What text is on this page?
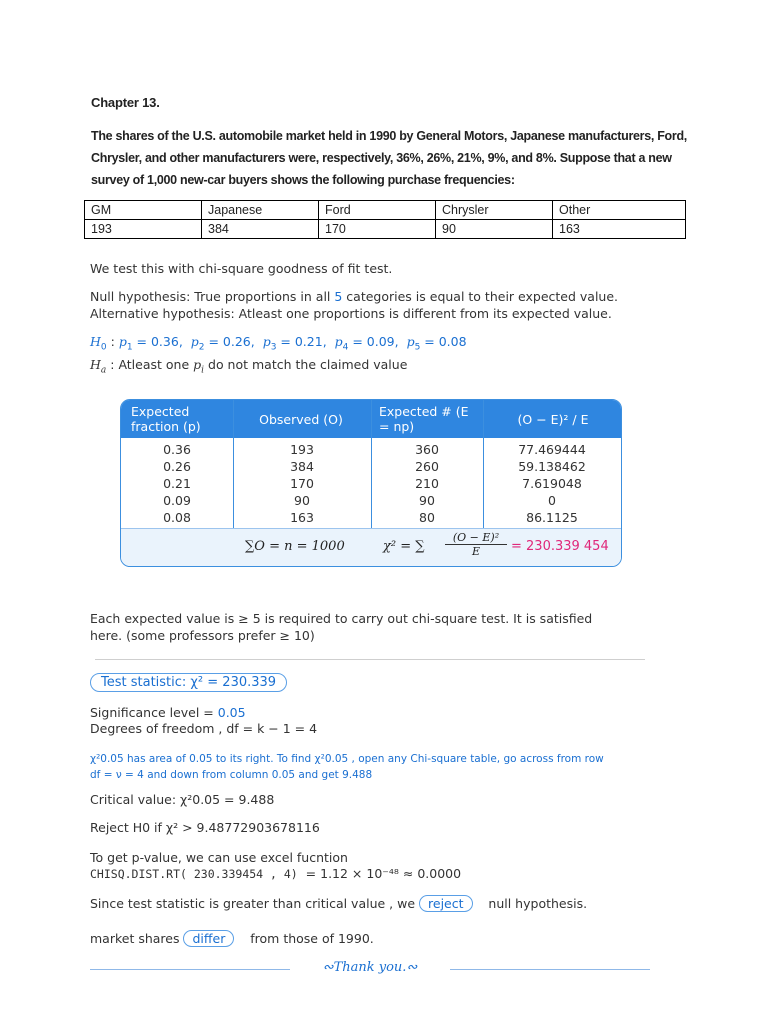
Chapter 13.
The shares of the U.S. automobile market held in 1990 by General Motors, Japanese manufacturers, Ford, Chrysler, and other manufacturers were, respectively, 36%, 26%, 21%, 9%, and 8%. Suppose that a new survey of 1,000 new-car buyers shows the following purchase frequencies:
GM	Japanese	Ford	Chrysler	Other
193	384	170	90	163
We test this with chi-square goodness of fit test.
Null hypothesis: True proportions in all 5 categories is equal to their expected value.
Alternative hypothesis: Atleast one proportions is different from its expected value.
$H_0$ : $p_1 = 0.36$,  $p_2 = 0.26$,  $p_3 = 0.21$,  $p_4 = 0.09$,  $p_5 = 0.08$
$H_a$ : Atleast one $p_i$ do not match the claimed value
Expected fraction (p)	Observed (O)	Expected # (E = np)	(O − E)² / E
0.36	193	360	77.469444
0.26	384	260	59.138462
0.21	170	210	7.619048
0.09	90	90	0
0.08	163	80	86.1125
∑O = n = 1000	χ² = ∑
(O − E)²
E	= 230.339 454
Each expected value is ≥ 5 is required to carry out chi-square test. It is satisfied
here. (some professors prefer ≥ 10)
Test statistic: χ² = 230.339
Significance level = 0.05
Degrees of freedom , df = k − 1 = 4
χ²0.05 has area of 0.05 to its right. To find χ²0.05 , open any Chi-square table, go across from row
df = ν = 4 and down from column 0.05 and get 9.488
Critical value: χ²0.05 = 9.488
Reject H0 if χ² > 9.48772903678116
To get p-value, we can use excel fucntion
CHISQ.DIST.RT( 230.339454 , 4) = 1.12 × 10⁻⁴⁸ ≈ 0.0000
Since test statistic is greater than critical value , we reject null hypothesis.
market shares differ from those of 1990.
∾Thank you.∾
